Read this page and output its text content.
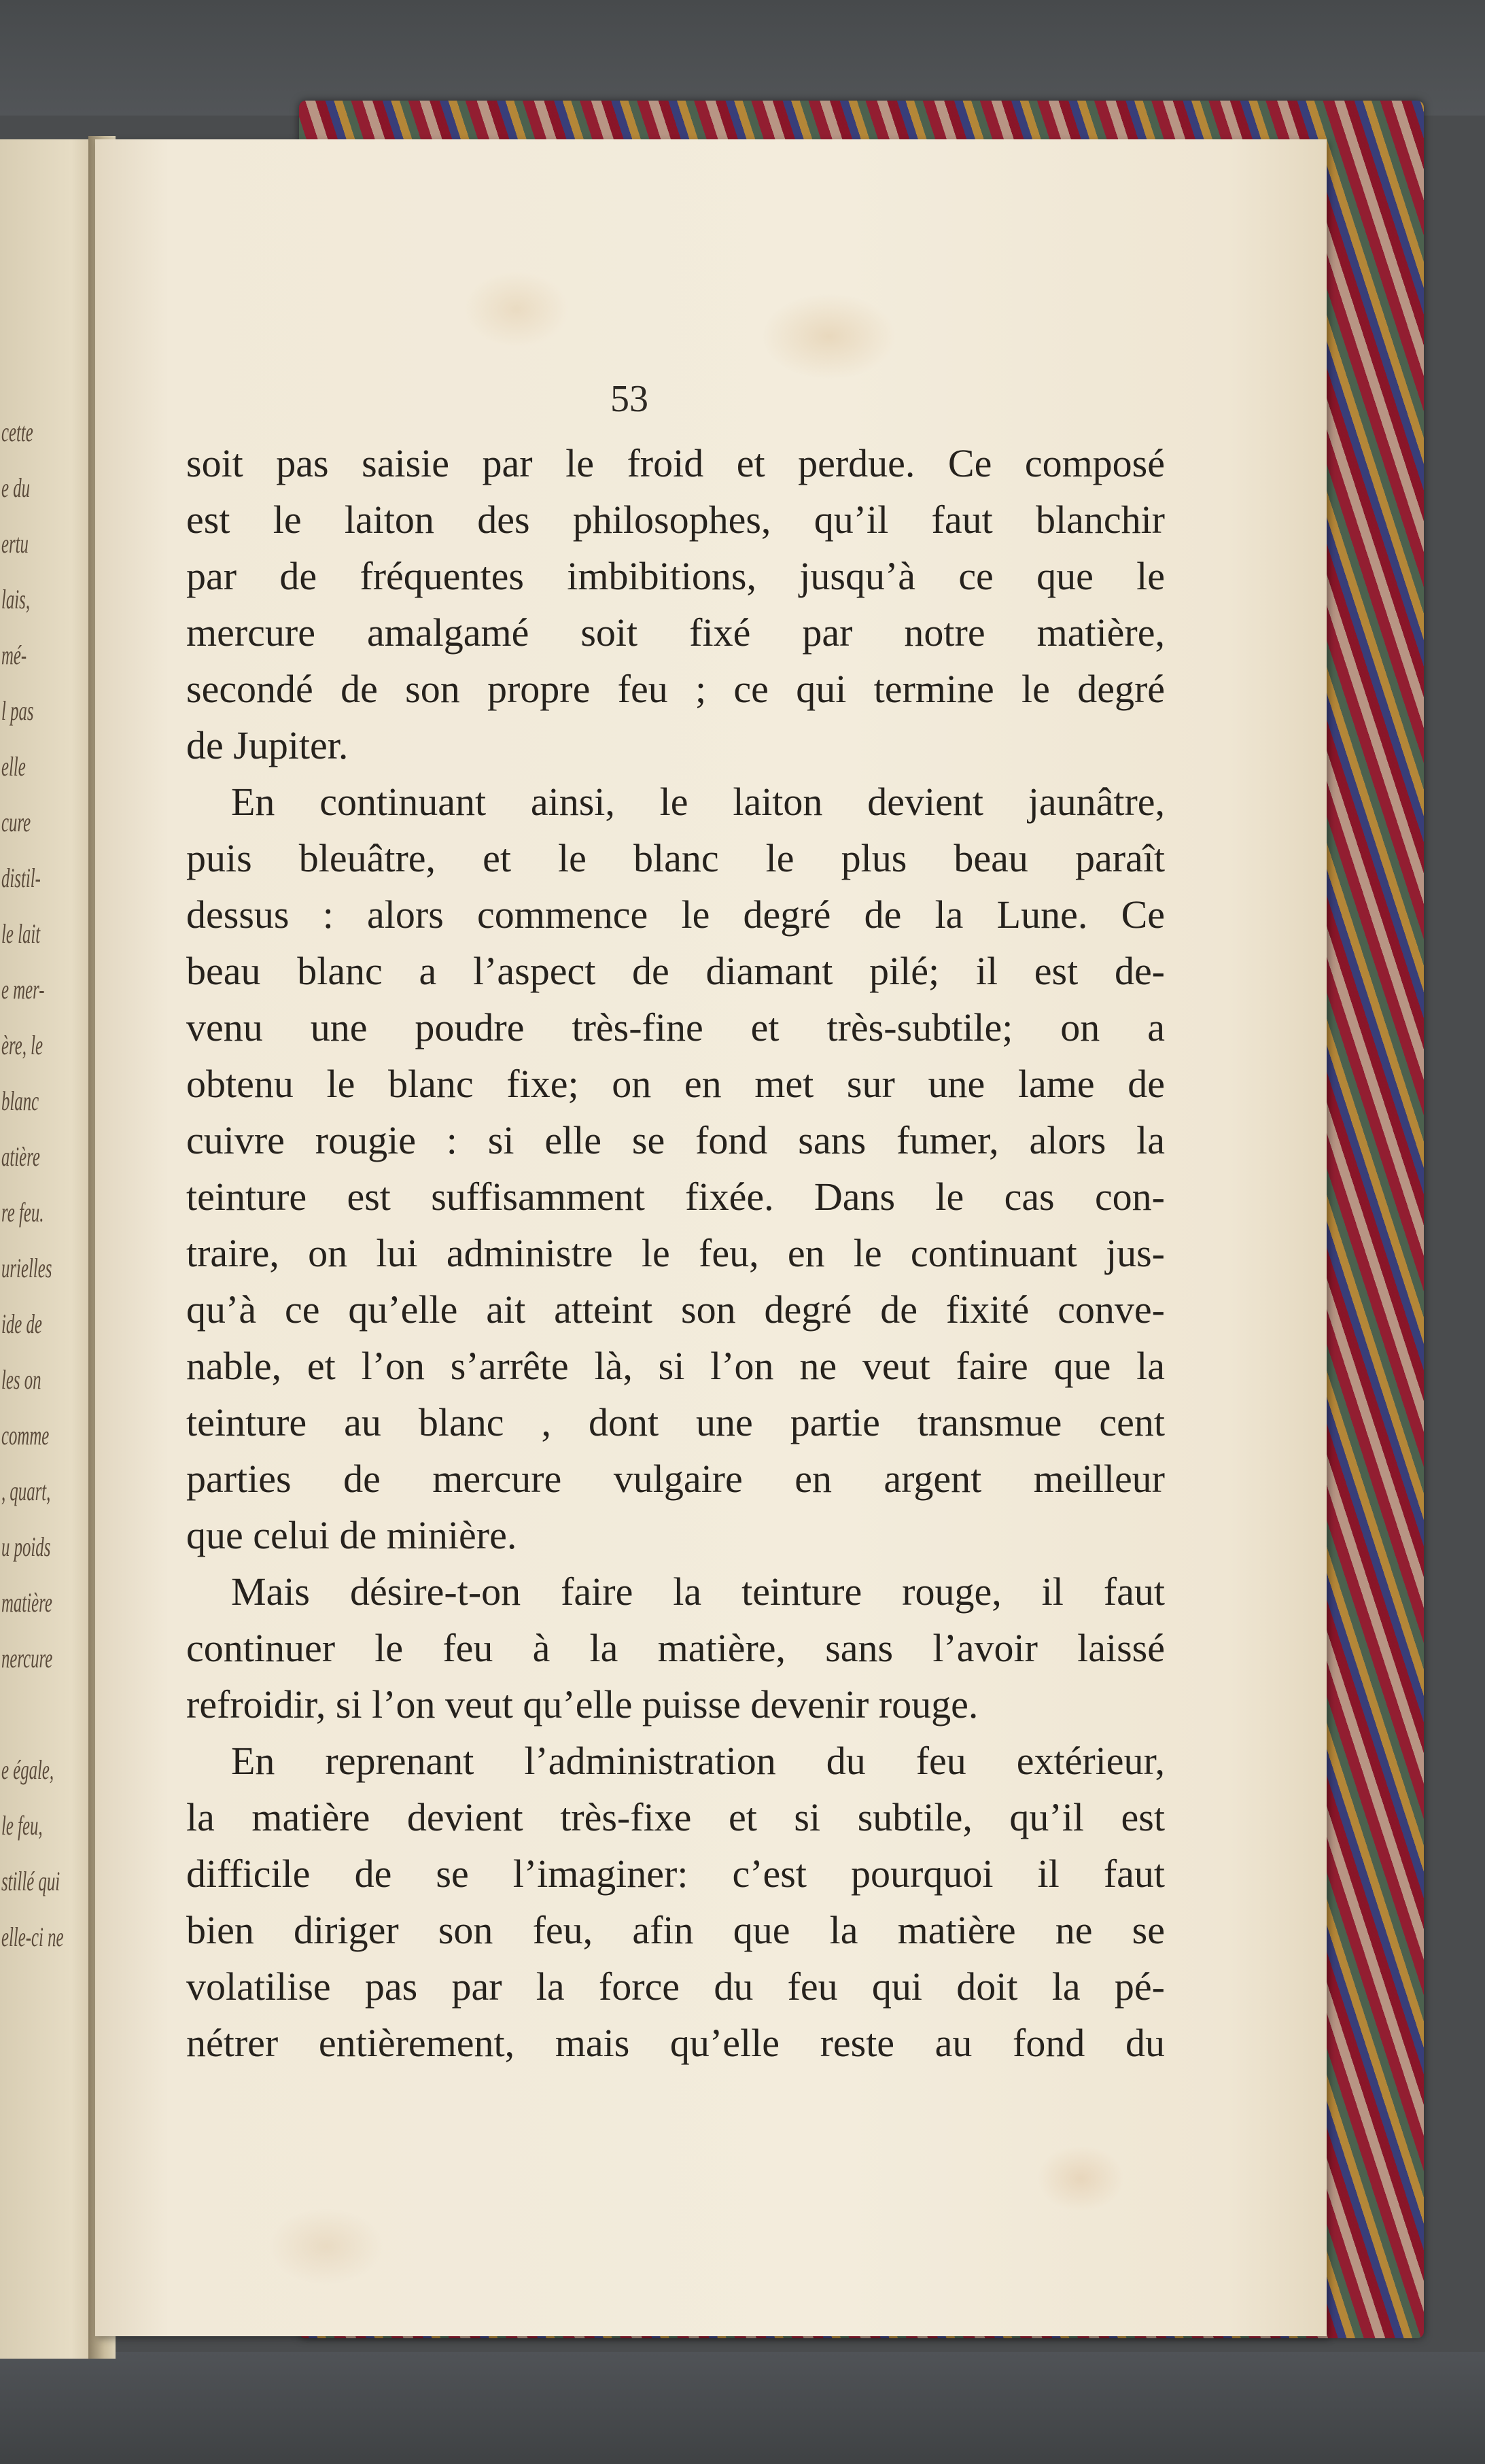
cette
e du
ertu
lais,
mé-
l pas
elle
cure
distil-
le lait
e mer-
ère, le
blanc
atière
re feu.
urielles
ide de
les on
comme
, quart,
u poids
matière
nercure
e égale,
le feu,
stillé qui
elle-ci ne
53
soit pas saisie par le froid et perdue. Ce composé
est le laiton des philosophes, qu’il faut blanchir
par de fréquentes imbibitions, jusqu’à ce que le
mercure amalgamé soit fixé par notre matière,
secondé de son propre feu ; ce qui termine le degré
de Jupiter.
En continuant ainsi, le laiton devient jaunâtre,
puis bleuâtre, et le blanc le plus beau paraît
dessus : alors commence le degré de la Lune. Ce
beau blanc a l’aspect de diamant pilé; il est de-
venu une poudre très-fine et très-subtile; on a
obtenu le blanc fixe; on en met sur une lame de
cuivre rougie : si elle se fond sans fumer, alors la
teinture est suffisamment fixée. Dans le cas con-
traire, on lui administre le feu, en le continuant jus-
qu’à ce qu’elle ait atteint son degré de fixité conve-
nable, et l’on s’arrête là, si l’on ne veut faire que la
teinture au blanc , dont une partie transmue cent
parties de mercure vulgaire en argent meilleur
que celui de minière.
Mais désire-t-on faire la teinture rouge, il faut
continuer le feu à la matière, sans l’avoir laissé
refroidir, si l’on veut qu’elle puisse devenir rouge.
En reprenant l’administration du feu extérieur,
la matière devient très-fixe et si subtile, qu’il est
difficile de se l’imaginer: c’est pourquoi il faut
bien diriger son feu, afin que la matière ne se
volatilise pas par la force du feu qui doit la pé-
nétrer entièrement, mais qu’elle reste au fond du
